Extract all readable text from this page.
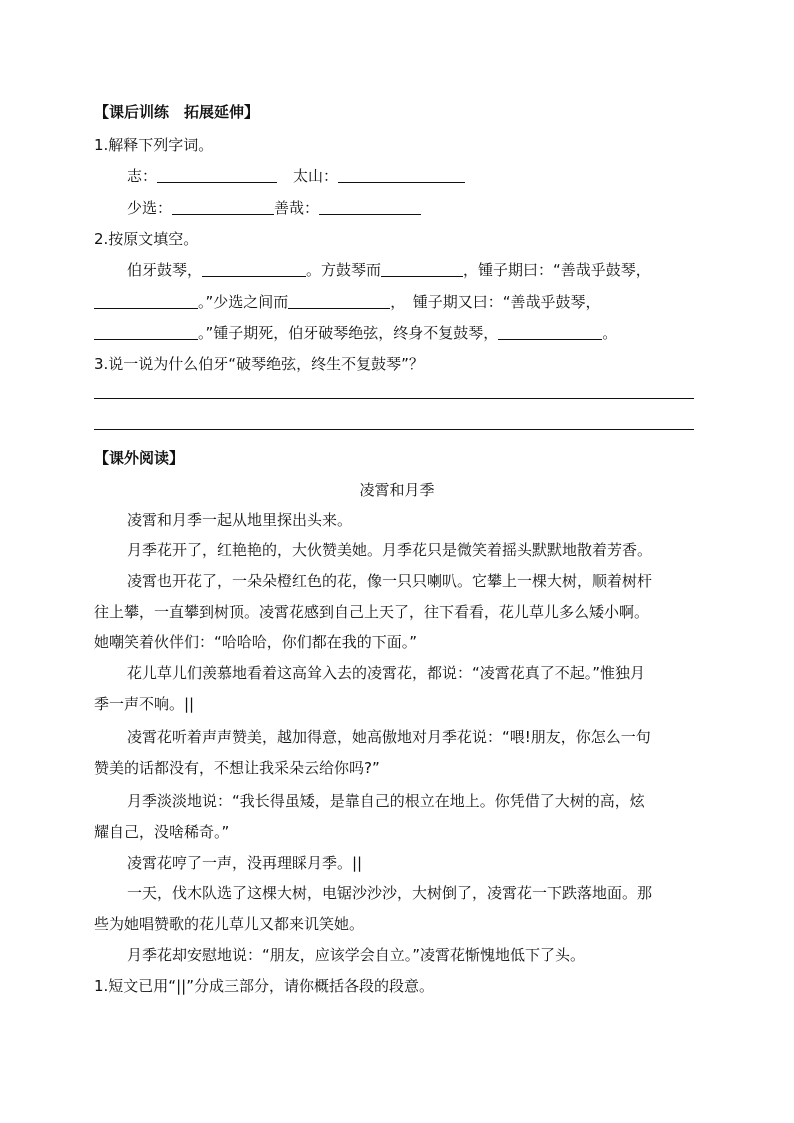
【课后训练　拓展延伸】
1.解释下列字词。
志：	太山：
少选：	善哉：
2.按原文填空。
伯牙鼓琴，	。方鼓琴而	，锺子期曰：“善哉乎鼓琴，
。”少选之间而	，　锺子期又曰：“善哉乎鼓琴，
。”锺子期死，伯牙破琴绝弦，终身不复鼓琴，	。
3.说一说为什么伯牙“破琴绝弦，终生不复鼓琴”？
【课外阅读】
凌霄和月季
凌霄和月季一起从地里探出头来。
月季花开了，红艳艳的，大伙赞美她。月季花只是微笑着摇头默默地散着芳香。
凌霄也开花了，一朵朵橙红色的花，像一只只喇叭。它攀上一棵大树，顺着树杆
往上攀，一直攀到树顶。凌霄花感到自己上天了，往下看看，花儿草儿多么矮小啊。
她嘲笑着伙伴们：“哈哈哈，你们都在我的下面。”
花儿草儿们羡慕地看着这高耸入去的凌霄花，都说：“凌霄花真了不起。”惟独月
季一声不响。||
凌霄花听着声声赞美，越加得意，她高傲地对月季花说：“喂!朋友，你怎么一句
赞美的话都没有，不想让我采朵云给你吗?”
月季淡淡地说：“我长得虽矮，是靠自己的根立在地上。你凭借了大树的高，炫
耀自己，没啥稀奇。”
凌霄花哼了一声，没再理睬月季。||
一天，伐木队选了这棵大树，电锯沙沙沙，大树倒了，凌霄花一下跌落地面。那
些为她唱赞歌的花儿草儿又都来讥笑她。
月季花却安慰地说：“朋友，应该学会自立。”凌霄花惭愧地低下了头。
1.短文已用“||”分成三部分，请你概括各段的段意。
